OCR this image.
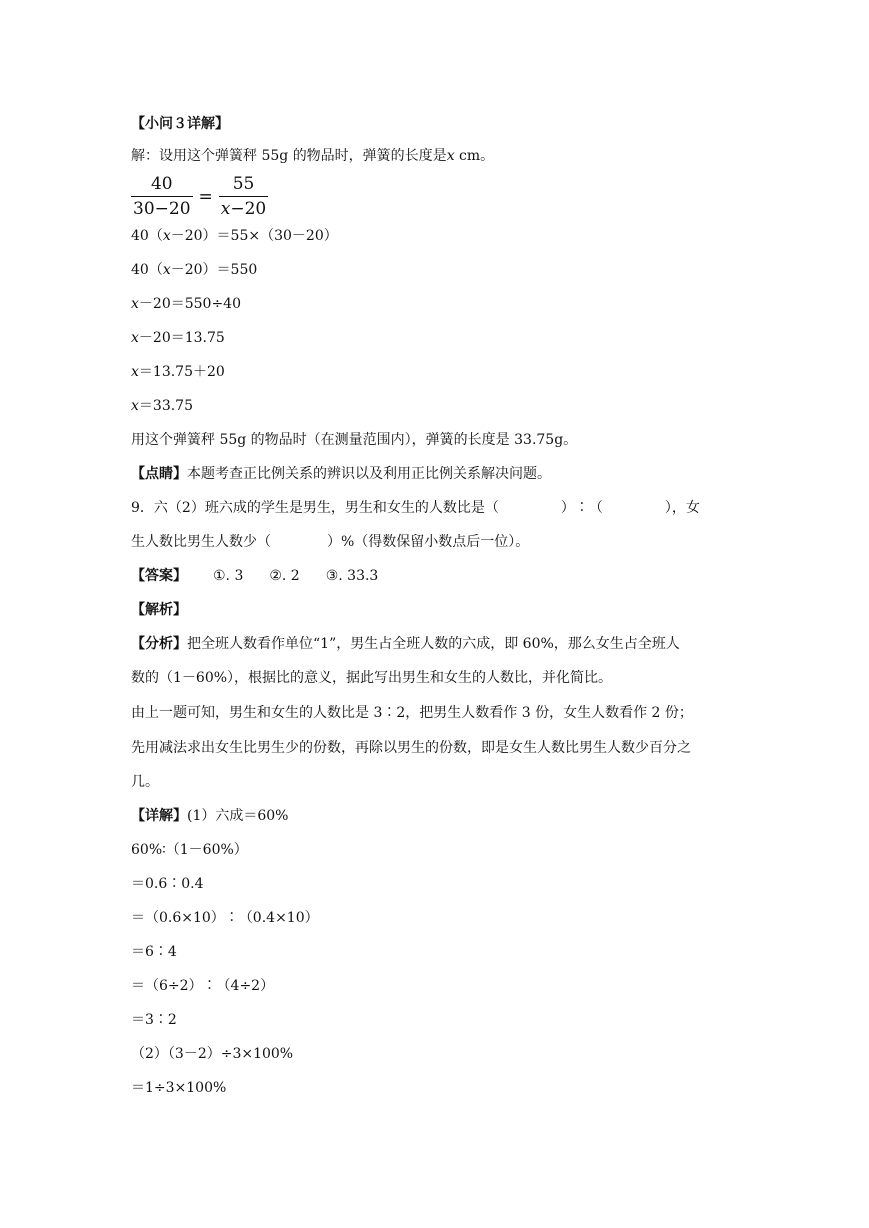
【小问３详解】
解：设用这个弹簧秤 55g 的物品时，弹簧的长度是x cm。
$\frac{40}{30-20} = \frac{55}{x-20}$
40（x－20）＝55×（30－20）
40（x－20）＝550
x－20＝550÷40
x－20＝13.75
x＝13.75＋20
x＝33.75
用这个弹簧秤 55g 的物品时（在测量范围内），弹簧的长度是 33.75g。
【点睛】本题考查正比例关系的辨识以及利用正比例关系解决问题。
9．六（2）班六成的学生是男生，男生和女生的人数比是（	）∶（	），女
生人数比男生人数少（	）%（得数保留小数点后一位）。
【答案】 ①. 3 ②. 2 ③. 33.3
【解析】
【分析】把全班人数看作单位“1”，男生占全班人数的六成，即 60%，那么女生占全班人
数的（1－60%），根据比的意义，据此写出男生和女生的人数比，并化简比。
由上一题可知，男生和女生的人数比是 3∶2，把男生人数看作 3 份，女生人数看作 2 份；
先用减法求出女生比男生少的份数，再除以男生的份数，即是女生人数比男生人数少百分之
几。
【详解】(1）六成＝60%
60%∶（1－60%）
＝0.6∶0.4
＝（0.6×10）∶（0.4×10）
＝6∶4
＝（6÷2）∶（4÷2）
＝3∶2
（2）（3－2）÷3×100%
＝1÷3×100%
